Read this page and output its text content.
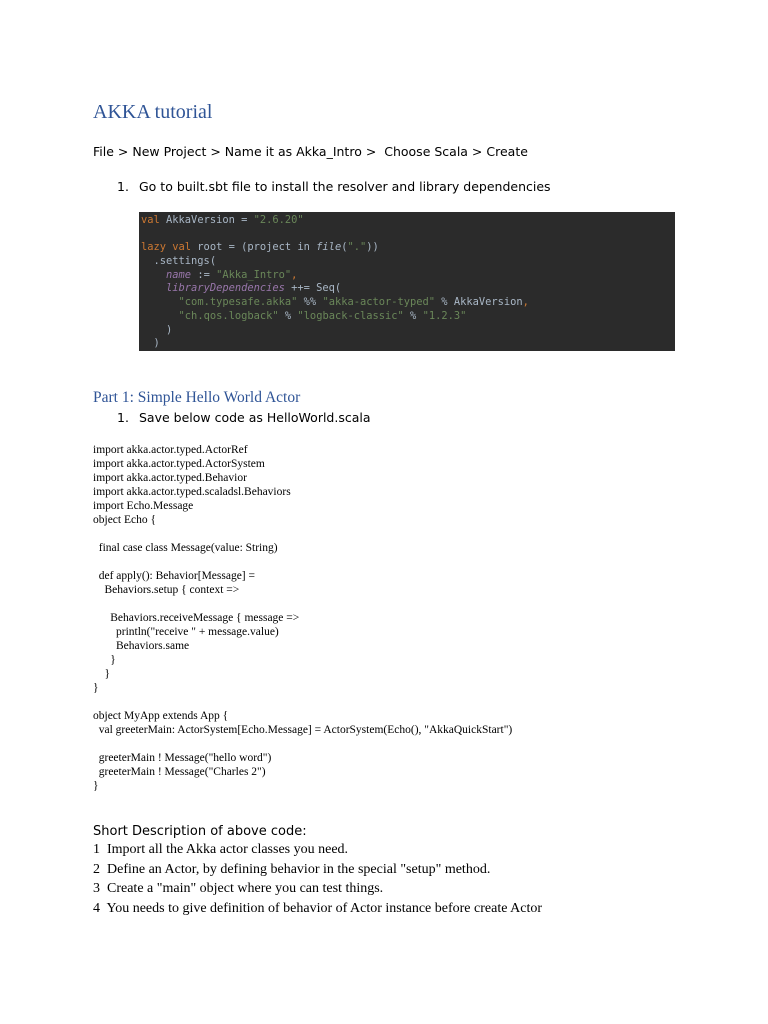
AKKA tutorial
File > New Project > Name it as Akka_Intro >  Choose Scala > Create
1. Go to built.sbt file to install the resolver and library dependencies
val AkkaVersion = "2.6.20"
lazy val root = (project in file("."))
.settings(
name := "Akka_Intro",
libraryDependencies ++= Seq(
"com.typesafe.akka" %% "akka-actor-typed" % AkkaVersion,
"ch.qos.logback" % "logback-classic" % "1.2.3"
)
)
Part 1: Simple Hello World Actor
1. Save below code as HelloWorld.scala
import akka.actor.typed.ActorRef
import akka.actor.typed.ActorSystem
import akka.actor.typed.Behavior
import akka.actor.typed.scaladsl.Behaviors
import Echo.Message
object Echo {
final case class Message(value: String)
def apply(): Behavior[Message] =
Behaviors.setup { context =>
Behaviors.receiveMessage { message =>
println("receive " + message.value)
Behaviors.same
}
}
}
object MyApp extends App {
val greeterMain: ActorSystem[Echo.Message] = ActorSystem(Echo(), "AkkaQuickStart")
greeterMain ! Message("hello word")
greeterMain ! Message("Charles 2")
}
Short Description of above code:
1  Import all the Akka actor classes you need.
2  Define an Actor, by defining behavior in the special "setup" method.
3  Create a "main" object where you can test things.
4  You needs to give definition of behavior of Actor instance before create Actor
